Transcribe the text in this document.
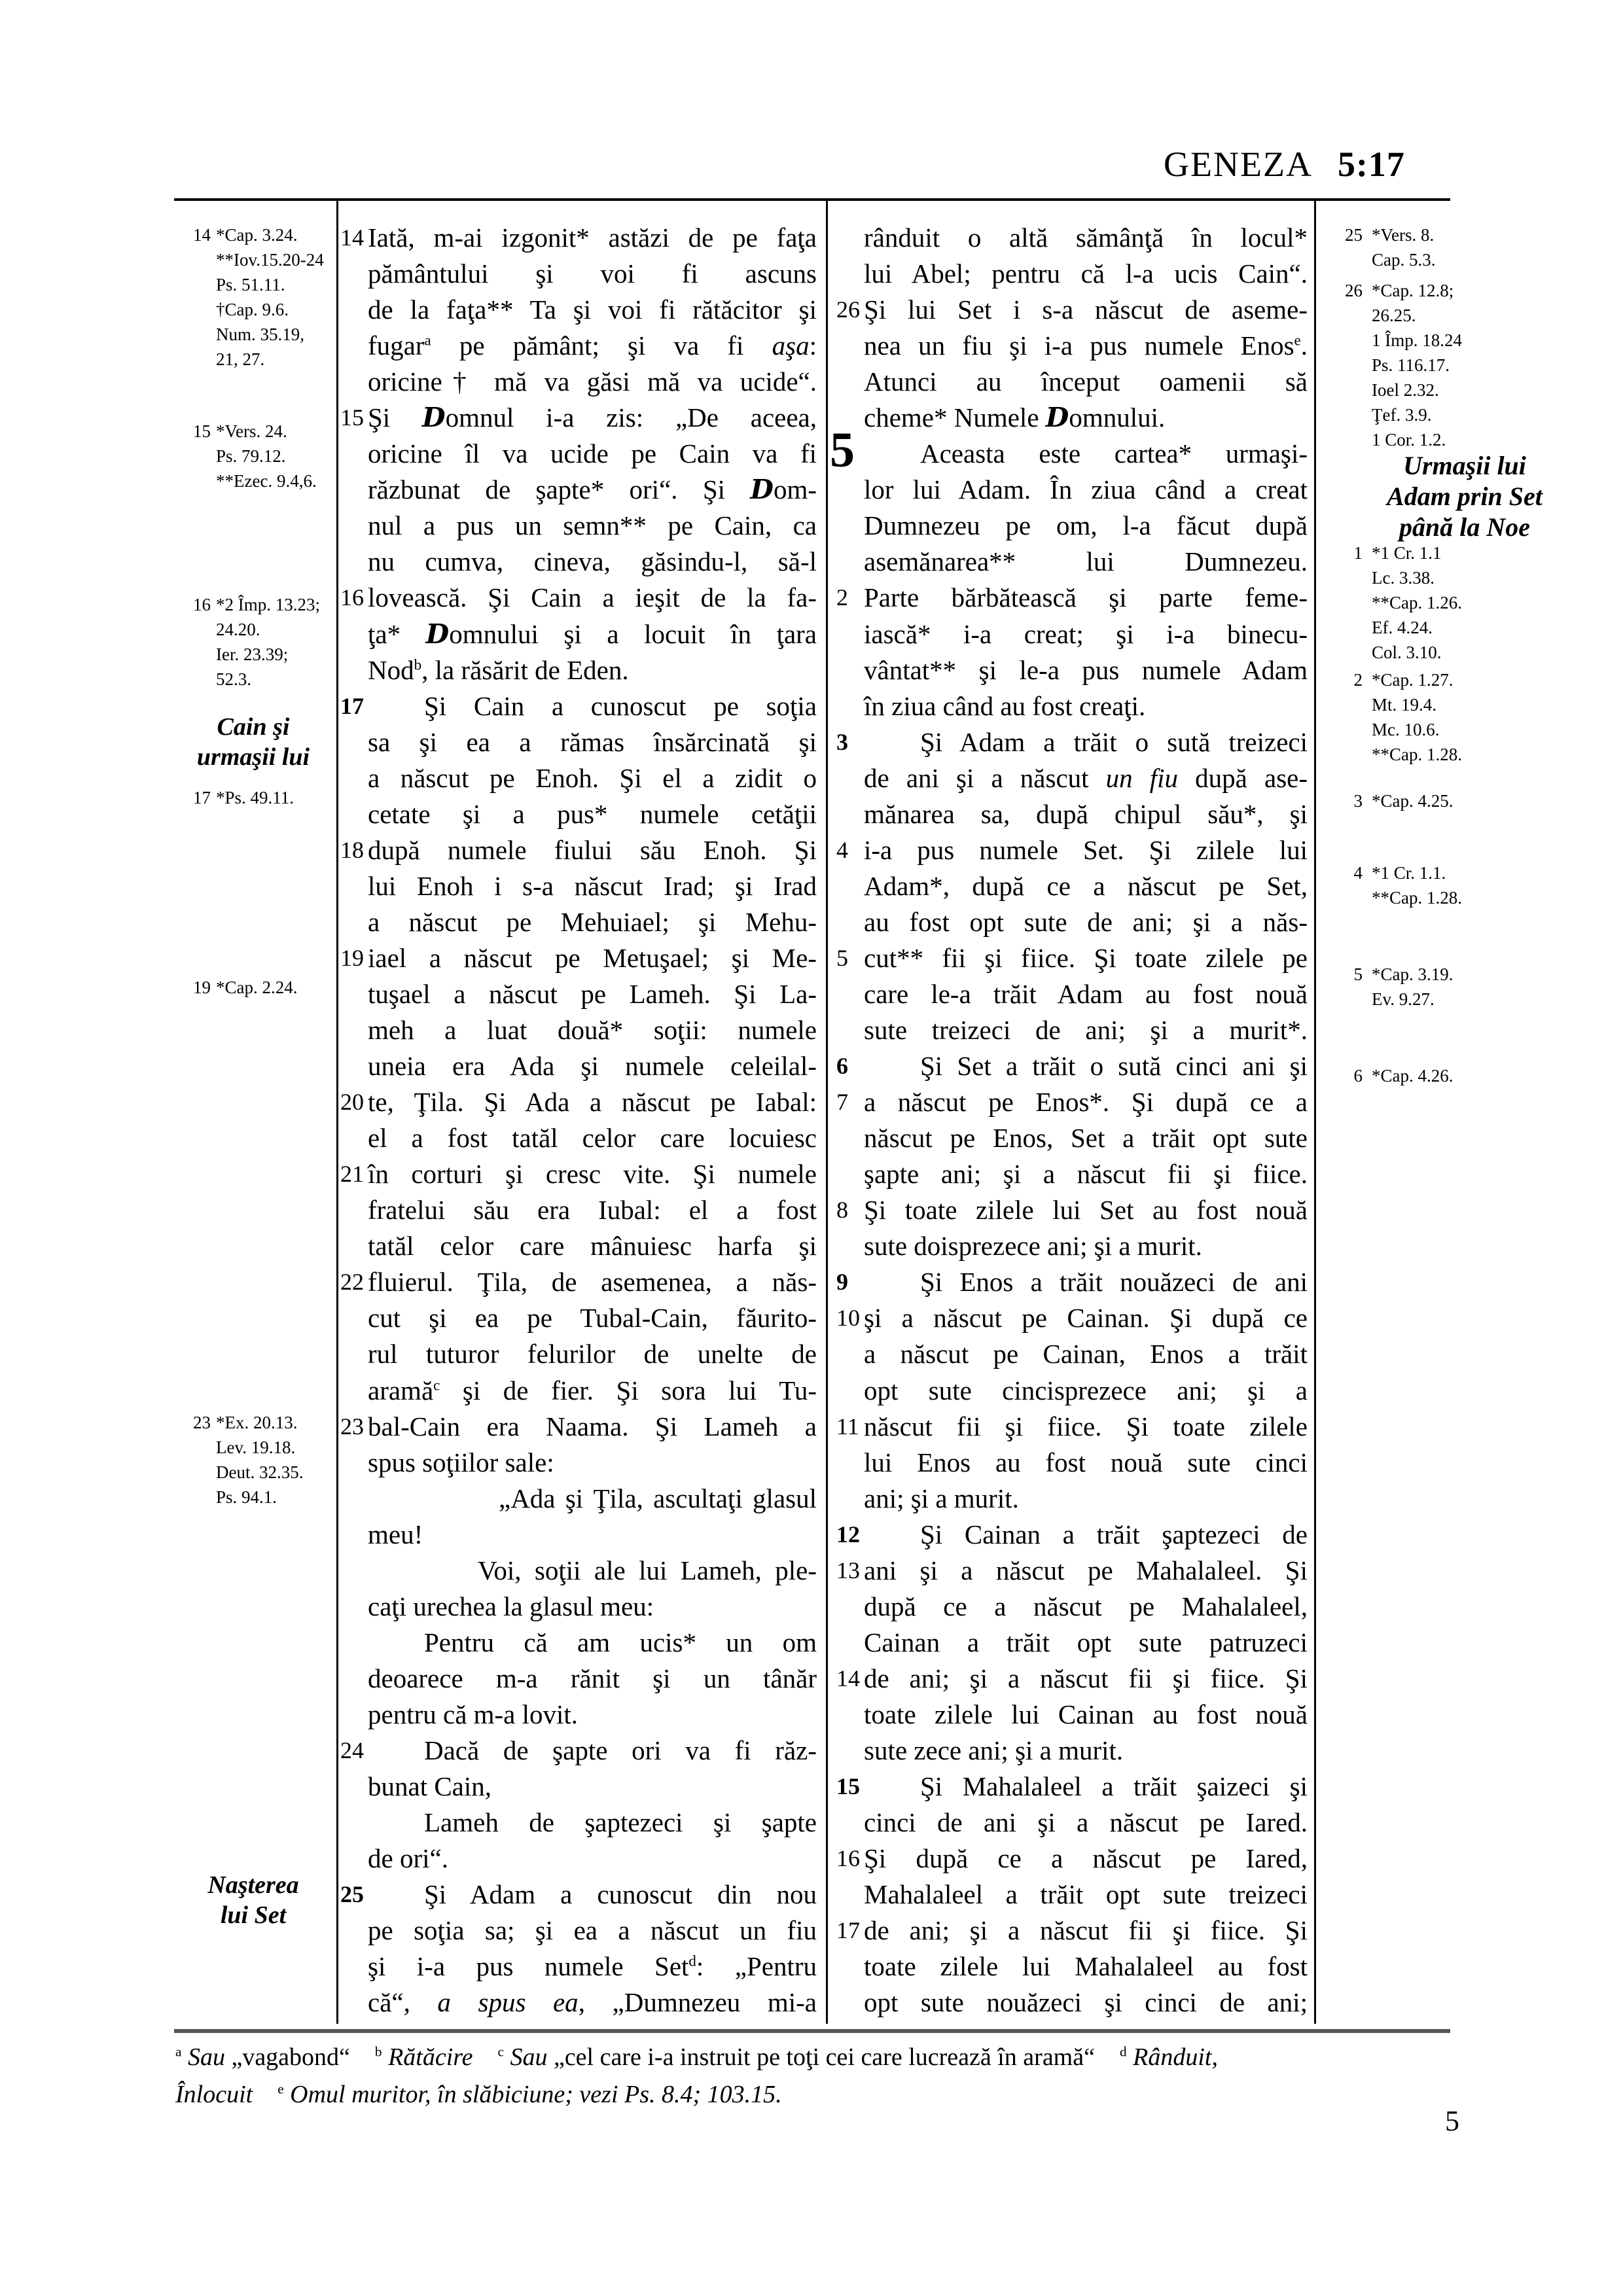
GENEZA 5:17
14 *Cap. 3.24.
**Iov.15.20-24
Ps. 51.11.
†Cap. 9.6.
Num. 35.19,
21, 27.
15 *Vers. 24.
Ps. 79.12.
**Ezec. 9.4,6.
16 *2 Împ. 13.23;
24.20.
Ier. 23.39;
52.3.
17 *Ps. 49.11.
19 *Cap. 2.24.
23 *Ex. 20.13.
Lev. 19.18.
Deut. 32.35.
Ps. 94.1.
Cain şi
urmaşii lui
Naşterea
lui Set
25 *Vers. 8.
Cap. 5.3.
26 *Cap. 12.8;
26.25.
1 Împ. 18.24
Ps. 116.17.
Ioel 2.32.
Ţef. 3.9.
1 Cor. 1.2.
1 *1 Cr. 1.1
Lc. 3.38.
**Cap. 1.26.
Ef. 4.24.
Col. 3.10.
2 *Cap. 1.27.
Mt. 19.4.
Mc. 10.6.
**Cap. 1.28.
3 *Cap. 4.25.
4 *1 Cr. 1.1.
**Cap. 1.28.
5 *Cap. 3.19.
Ev. 9.27.
6 *Cap. 4.26.
Urmaşii lui
Adam prin Set
până la Noe
Iată, m-ai izgonit* astăzi de pe faţa
14
pământului şi voi fi ascuns
de la faţa** Ta şi voi fi rătăcitor şi
fugar$^a$ pe pământ; şi va fi aşa:
oricine† mă va găsi mă va ucide“.
Şi Domnul i-a zis: „De aceea,
15
oricine îl va ucide pe Cain va fi
răzbunat de şapte* ori“. Şi Dom-
nul a pus un semn** pe Cain, ca
nu cumva, cineva, găsindu-l, să-l
lovească. Şi Cain a ieşit de la fa-
16
ţa* Domnului şi a locuit în ţara
Nod$^b$, la răsărit de Eden.
Şi Cain a cunoscut pe soţia
17
sa şi ea a rămas însărcinată şi
a născut pe Enoh. Şi el a zidit o
cetate şi a pus* numele cetăţii
după numele fiului său Enoh. Şi
18
lui Enoh i s-a născut Irad; şi Irad
a născut pe Mehuiael; şi Mehu-
iael a născut pe Metuşael; şi Me-
19
tuşael a născut pe Lameh. Şi La-
meh a luat două* soţii: numele
uneia era Ada şi numele celeilal-
te, Ţila. Şi Ada a născut pe Iabal:
20
el a fost tatăl celor care locuiesc
în corturi şi cresc vite. Şi numele
21
fratelui său era Iubal: el a fost
tatăl celor care mânuiesc harfa şi
fluierul. Ţila, de asemenea, a năs-
22
cut şi ea pe Tubal-Cain, făurito-
rul tuturor felurilor de unelte de
aramă$^c$ şi de fier. Şi sora lui Tu-
bal-Cain era Naama. Şi Lameh a
23
spus soţiilor sale:
„Ada şi Ţila, ascultaţi glasul
meu!
Voi, soţii ale lui Lameh, ple-
caţi urechea la glasul meu:
Pentru că am ucis* un om
deoarece m-a rănit şi un tânăr
pentru că m-a lovit.
Dacă de şapte ori va fi răz-
24
bunat Cain,
Lameh de şaptezeci şi şapte
de ori“.
Şi Adam a cunoscut din nou
25
pe soţia sa; şi ea a născut un fiu
şi i-a pus numele Set$^d$: „Pentru
că“, a spus ea, „Dumnezeu mi-a
5
rânduit o altă sămânţă în locul*
lui Abel; pentru că l-a ucis Cain“.
Şi lui Set i s-a născut de aseme-
26
nea un fiu şi i-a pus numele Enos$^e$.
Atunci au început oamenii să
cheme* Numele Domnului.
Aceasta este cartea* urmaşi-
lor lui Adam. În ziua când a creat
Dumnezeu pe om, l-a făcut după
asemănarea** lui Dumnezeu.
Parte bărbătească şi parte feme-
2
iască* i-a creat; şi i-a binecu-
vântat** şi le-a pus numele Adam
în ziua când au fost creaţi.
Şi Adam a trăit o sută treizeci
3
de ani şi a născut un fiu după ase-
mănarea sa, după chipul său*, şi
i-a pus numele Set. Şi zilele lui
4
Adam*, după ce a născut pe Set,
au fost opt sute de ani; şi a năs-
cut** fii şi fiice. Şi toate zilele pe
5
care le-a trăit Adam au fost nouă
sute treizeci de ani; şi a murit*.
Şi Set a trăit o sută cinci ani şi
6
a născut pe Enos*. Şi după ce a
7
născut pe Enos, Set a trăit opt sute
şapte ani; şi a născut fii şi fiice.
Şi toate zilele lui Set au fost nouă
8
sute doisprezece ani; şi a murit.
Şi Enos a trăit nouăzeci de ani
9
şi a născut pe Cainan. Şi după ce
10
a născut pe Cainan, Enos a trăit
opt sute cincisprezece ani; şi a
născut fii şi fiice. Şi toate zilele
11
lui Enos au fost nouă sute cinci
ani; şi a murit.
Şi Cainan a trăit şaptezeci de
12
ani şi a născut pe Mahalaleel. Şi
13
după ce a născut pe Mahalaleel,
Cainan a trăit opt sute patruzeci
de ani; şi a născut fii şi fiice. Şi
14
toate zilele lui Cainan au fost nouă
sute zece ani; şi a murit.
Şi Mahalaleel a trăit şaizeci şi
15
cinci de ani şi a născut pe Iared.
Şi după ce a născut pe Iared,
16
Mahalaleel a trăit opt sute treizeci
de ani; şi a născut fii şi fiice. Şi
17
toate zilele lui Mahalaleel au fost
opt sute nouăzeci şi cinci de ani;
$^a$ Sau „vagabond“    $^b$ Rătăcire $^c$ Sau „cel care i-a instruit pe toţi cei care lucrează în aramă“    $^d$ Rânduit,
Înlocuit $^e$ Omul muritor, în slăbiciune; vezi Ps. 8.4; 103.15.
5
